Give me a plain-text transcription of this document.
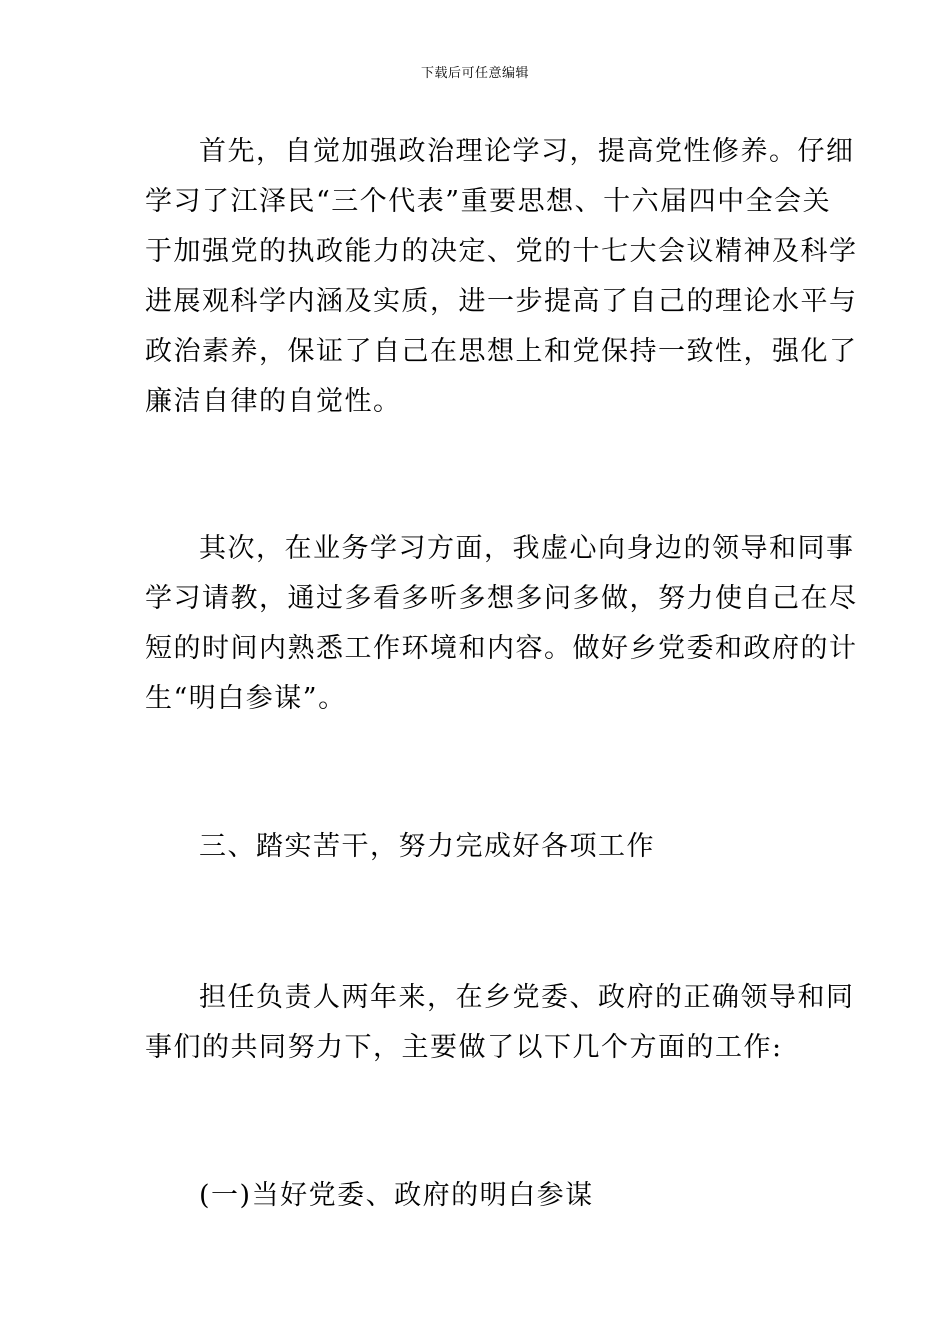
下载后可任意编辑
首先，自觉加强政治理论学习，提高党性修养。仔细
学习了江泽民“三个代表”重要思想、十六届四中全会关
于加强党的执政能力的决定、党的十七大会议精神及科学
进展观科学内涵及实质，进一步提高了自己的理论水平与
政治素养，保证了自己在思想上和党保持一致性，强化了
廉洁自律的自觉性。
其次，在业务学习方面，我虚心向身边的领导和同事
学习请教，通过多看多听多想多问多做，努力使自己在尽
短的时间内熟悉工作环境和内容。做好乡党委和政府的计
生“明白参谋”。
三、踏实苦干，努力完成好各项工作
担任负责人两年来，在乡党委、政府的正确领导和同
事们的共同努力下，主要做了以下几个方面的工作:
(一)当好党委、政府的明白参谋
